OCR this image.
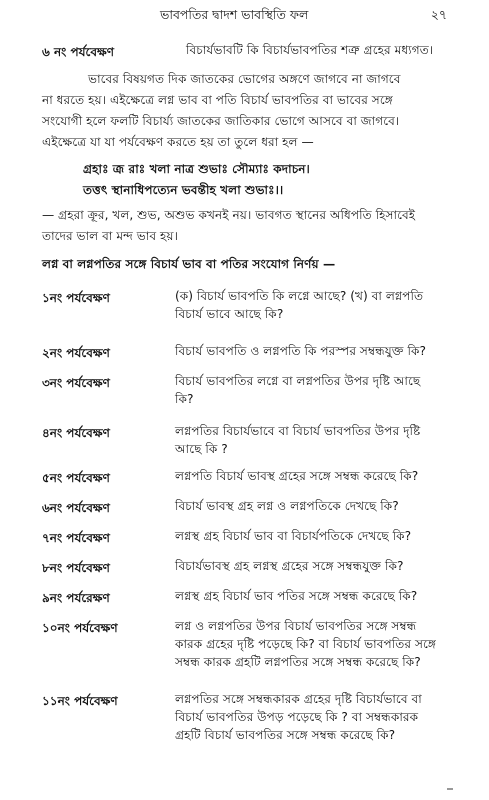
ভাবপতির দ্বাদশ ভাবস্থিতি ফল	২৭
৬ নং পর্যবেক্ষণ	বিচার্যভাবটি কি বিচার্যভাবপতির শত্রু গ্রহের মধ্যগত।
ভাবের বিষয়গত দিক জাতকের ভোগের অঙ্গণে জাগবে না জাগবে
না ধরতে হয়। এইক্ষেত্রে লগ্ন ভাব বা পতি বিচার্য ভাবপতির বা ভাবের সঙ্গে
সংযোগী হলে ফলটি বিচার্য্য জাতকের জাতিকার ভোগে আসবে বা জাগবে।
এইক্ষেত্রে যা যা পর্যবেক্ষণ করতে হয় তা তুলে ধরা হল —
গ্রহাঃ ত্রূ রাঃ খলা নাত্র শুভাঃ সৌম্যাঃ কদাচন।
তত্তৎ স্থানাধিপত্যেন ভবন্তীহ খলা শুভাঃ।।
— গ্রহরা ক্রূর, খল, শুভ, অশুভ কখনই নয়। ভাবগত স্থানের অধিপতি হিসাবেই
তাদের ভাল বা মন্দ ভাব হয়।
লগ্ন বা লগ্নপতির সঙ্গে বিচার্য ভাব বা পতির সংযোগ নির্ণয় —
১নং পর্যবেক্ষণ	(ক) বিচার্য ভাবপতি কি লগ্নে আছে? (খ) বা লগ্নপতি
বিচার্য ভাবে আছে কি?
২নং পর্যবেক্ষণ	বিচার্য ভাবপতি ও লগ্নপতি কি পরস্পর সম্বন্ধযুক্ত কি?
৩নং পর্যবেক্ষণ	বিচার্য ভাবপতির লগ্নে বা লগ্নপতির উপর দৃষ্টি আছে
কি?
৪নং পর্যবেক্ষণ	লগ্নপতির বিচার্যভাবে বা বিচার্য ভাবপতির উপর দৃষ্টি
আছে কি ?
৫নং পর্যবেক্ষণ	লগ্নপতি বিচার্য ভাবস্থ গ্রহের সঙ্গে সম্বন্ধ করেছে কি?
৬নং পর্যবেক্ষণ	বিচার্য ভাবস্থ গ্রহ লগ্ন ও লগ্নপতিকে দেখছে কি?
৭নং পর্যবেক্ষণ	লগ্নস্থ গ্রহ বিচার্য ভাব বা বিচার্যপতিকে দেখছে কি?
৮নং পর্যবেক্ষণ	বিচার্যভাবস্থ গ্রহ লগ্নস্থ গ্রহের সঙ্গে সম্বন্ধযুক্ত কি?
৯নং পর্যরেক্ষণ	লগ্নস্থ গ্রহ বিচার্য ভাব পতির সঙ্গে সম্বন্ধ করেছে কি?
১০নং পর্যবেক্ষণ	লগ্ন ও লগ্নপতির উপর বিচার্য ভাবপতির সঙ্গে সম্বন্ধ
কারক গ্রহের দৃষ্টি পড়েছে কি? বা বিচার্য ভাবপতির সঙ্গে
সম্বন্ধ কারক গ্রহটি লগ্নপতির সঙ্গে সম্বন্ধ করেছে কি?
১১নং পর্যবেক্ষণ	লগ্নপতির সঙ্গে সম্বন্ধকারক গ্রহের দৃষ্টি বিচার্যভাবে বা
বিচার্য ভাবপতির উপড় পড়েছে কি ? বা সম্বন্ধকারক
গ্রহটি বিচার্য ভাবপতির সঙ্গে সম্বন্ধ করেছে কি?
